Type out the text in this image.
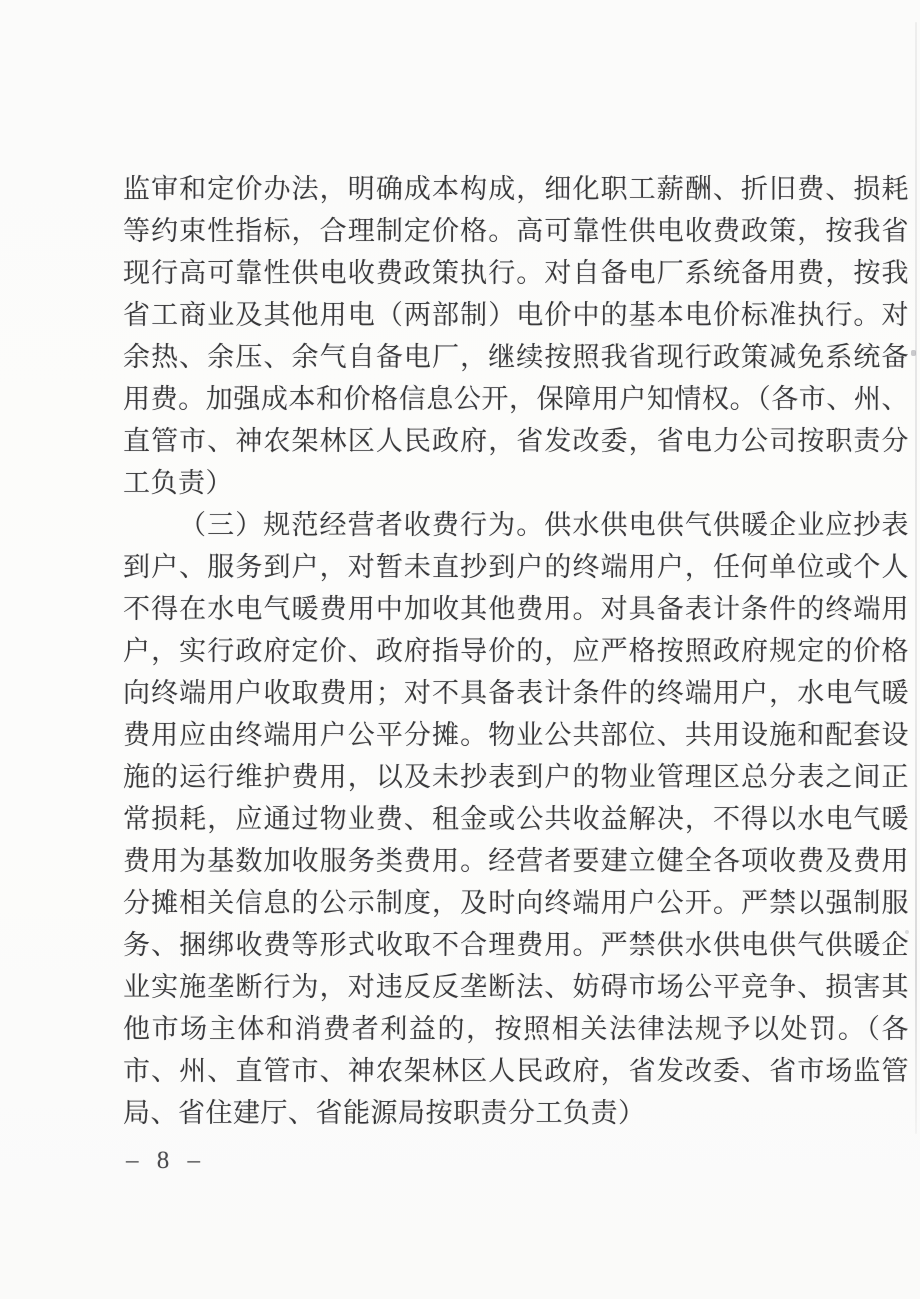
监审和定价办法，明确成本构成，细化职工薪酬、折旧费、损耗
等约束性指标，合理制定价格。高可靠性供电收费政策，按我省
现行高可靠性供电收费政策执行。对自备电厂系统备用费，按我
省工商业及其他用电（两部制）电价中的基本电价标准执行。对
余热、余压、余气自备电厂，继续按照我省现行政策减免系统备
用费。加强成本和价格信息公开，保障用户知情权。（各市、州、
直管市、神农架林区人民政府，省发改委，省电力公司按职责分
工负责）
（三）规范经营者收费行为。供水供电供气供暖企业应抄表
到户、服务到户，对暂未直抄到户的终端用户，任何单位或个人
不得在水电气暖费用中加收其他费用。对具备表计条件的终端用
户，实行政府定价、政府指导价的，应严格按照政府规定的价格
向终端用户收取费用；对不具备表计条件的终端用户，水电气暖
费用应由终端用户公平分摊。物业公共部位、共用设施和配套设
施的运行维护费用，以及未抄表到户的物业管理区总分表之间正
常损耗，应通过物业费、租金或公共收益解决，不得以水电气暖
费用为基数加收服务类费用。经营者要建立健全各项收费及费用
分摊相关信息的公示制度，及时向终端用户公开。严禁以强制服
务、捆绑收费等形式收取不合理费用。严禁供水供电供气供暖企
业实施垄断行为，对违反反垄断法、妨碍市场公平竞争、损害其
他市场主体和消费者利益的，按照相关法律法规予以处罚。（各
市、州、直管市、神农架林区人民政府，省发改委、省市场监管
局、省住建厅、省能源局按职责分工负责）
– 8 –
